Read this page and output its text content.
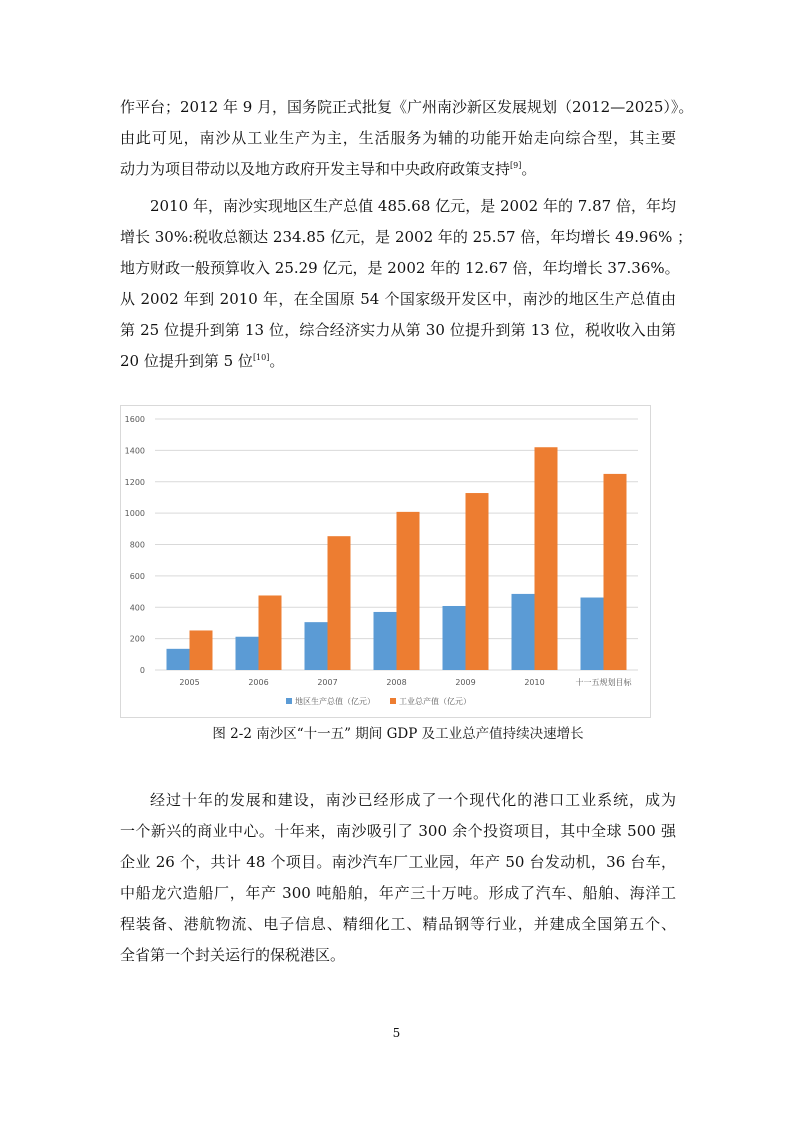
作平台；2012 年 9 月，国务院正式批复《广州南沙新区发展规划（2012—2025）》。
由此可见，南沙从工业生产为主，生活服务为辅的功能开始走向综合型，其主要
动力为项目带动以及地方政府开发主导和中央政府政策支持[9]。
2010 年，南沙实现地区生产总值 485.68 亿元，是 2002 年的 7.87 倍，年均
增长 30%:税收总额达 234.85 亿元，是 2002 年的 25.57 倍，年均增长 49.96% ；
地方财政一般预算收入 25.29 亿元，是 2002 年的 12.67 倍，年均增长 37.36%。
从 2002 年到 2010 年，在全国原 54 个国家级开发区中，南沙的地区生产总值由
第 25 位提升到第 13 位，综合经济实力从第 30 位提升到第 13 位，税收收入由第
20 位提升到第 5 位[10]。
0
200
400
600
800
1000
1200
1400
1600
2005	2006	2007	2008	2009	2010	十一五规划目标
地区生产总值（亿元）	工业总产值（亿元）
图 2-2 南沙区“十一五” 期间 GDP 及工业总产值持续决速增长
经过十年的发展和建设，南沙已经形成了一个现代化的港口工业系统，成为
一个新兴的商业中心。十年来，南沙吸引了 300 余个投资项目，其中全球 500 强
企业 26 个，共计 48 个项目。南沙汽车厂工业园，年产 50 台发动机，36 台车，
中船龙穴造船厂，年产 300 吨船舶，年产三十万吨。形成了汽车、船舶、海洋工
程装备、港航物流、电子信息、精细化工、精品钢等行业，并建成全国第五个、
全省第一个封关运行的保税港区。
5
